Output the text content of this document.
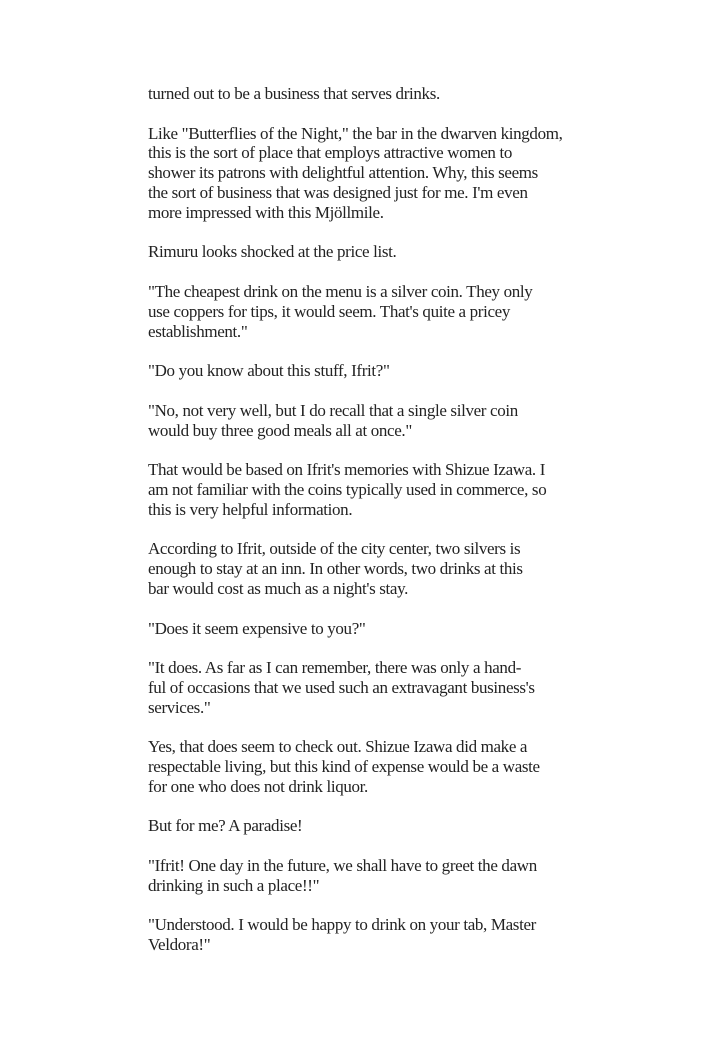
turned out to be a business that serves drinks.

Like "Butterflies of the Night," the bar in the dwarven kingdom,
this is the sort of place that employs attractive women to
shower its patrons with delightful attention. Why, this seems
the sort of business that was designed just for me. I'm even
more impressed with this Mjöllmile.

Rimuru looks shocked at the price list.

"The cheapest drink on the menu is a silver coin. They only
use coppers for tips, it would seem. That's quite a pricey
establishment."

"Do you know about this stuff, Ifrit?"

"No, not very well, but I do recall that a single silver coin
would buy three good meals all at once."

That would be based on Ifrit's memories with Shizue Izawa. I
am not familiar with the coins typically used in commerce, so
this is very helpful information.

According to Ifrit, outside of the city center, two silvers is
enough to stay at an inn. In other words, two drinks at this
bar would cost as much as a night's stay.

"Does it seem expensive to you?"

"It does. As far as I can remember, there was only a hand-
ful of occasions that we used such an extravagant business's
services."

Yes, that does seem to check out. Shizue Izawa did make a
respectable living, but this kind of expense would be a waste
for one who does not drink liquor.

But for me? A paradise!

"Ifrit! One day in the future, we shall have to greet the dawn
drinking in such a place!!"

"Understood. I would be happy to drink on your tab, Master
Veldora!"
